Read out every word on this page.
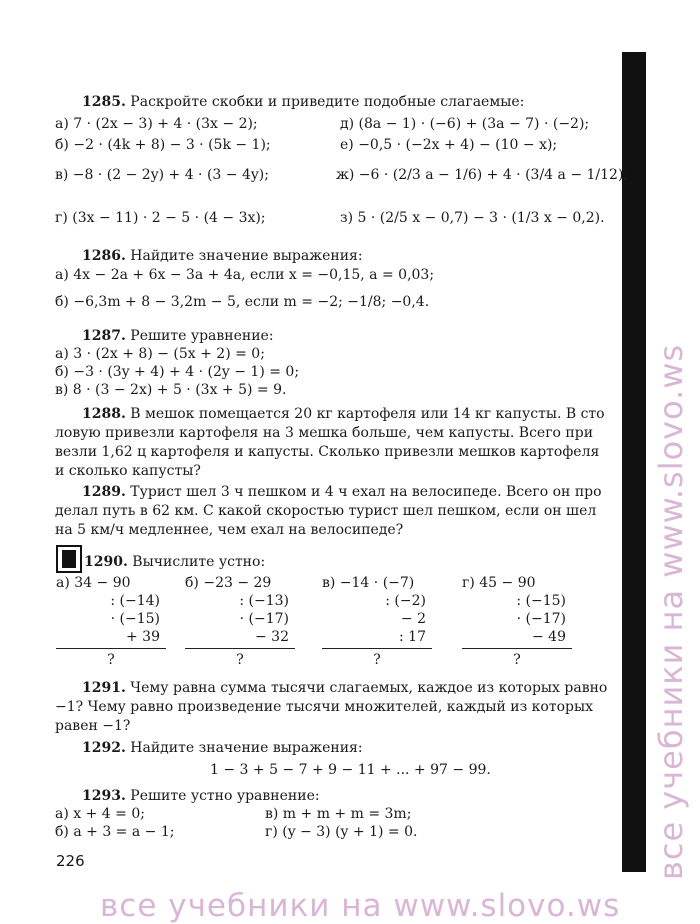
1285. Раскройте скобки и приведите подобные слагаемые:
а) 7 · (2x − 3) + 4 · (3x − 2);	д) (8a − 1) · (−6) + (3a − 7) · (−2);
б) −2 · (4k + 8) − 3 · (5k − 1);	е) −0,5 · (−2x + 4) − (10 − x);
в) −8 · (2 − 2y) + 4 · (3 − 4y);	ж) −6 · (2/3 a − 1/6) + 4 · (3/4 a − 1/12);
г) (3x − 11) · 2 − 5 · (4 − 3x);	з) 5 · (2/5 x − 0,7) − 3 · (1/3 x − 0,2).
1286. Найдите значение выражения:
а) 4x − 2a + 6x − 3a + 4a, если x = −0,15, a = 0,03;
б) −6,3m + 8 − 3,2m − 5, если m = −2; −1/8; −0,4.
1287. Решите уравнение:
а) 3 · (2x + 8) − (5x + 2) = 0;
б) −3 · (3y + 4) + 4 · (2y − 1) = 0;
в) 8 · (3 − 2x) + 5 · (3x + 5) = 9.
1288. В мешок помещается 20 кг картофеля или 14 кг капусты. В сто
ловую привезли картофеля на 3 мешка больше, чем капусты. Всего при
везли 1,62 ц картофеля и капусты. Сколько привезли мешков картофеля
и сколько капусты?
1289. Турист шел 3 ч пешком и 4 ч ехал на велосипеде. Всего он про
делал путь в 62 км. С какой скоростью турист шел пешком, если он шел
на 5 км/ч медленнее, чем ехал на велосипеде?
1290. Вычислите устно:
а) 34 − 90
: (−14)
· (−15)
+ 39
?
б) −23 − 29
: (−13)
· (−17)
− 32
?
в) −14 · (−7)
: (−2)
− 2
: 17
?
г) 45 − 90
: (−15)
· (−17)
− 49
?
1291. Чему равна сумма тысячи слагаемых, каждое из которых равно
−1? Чему равно произведение тысячи множителей, каждый из которых
равен −1?
1292. Найдите значение выражения:
1 − 3 + 5 − 7 + 9 − 11 + ... + 97 − 99.
1293. Решите устно уравнение:
а) x + 4 = 0;	в) m + m + m = 3m;
б) a + 3 = a − 1;	г) (y − 3) (y + 1) = 0.
226	все учебники на www.slovo.ws
все учебники на www.slovo.ws
